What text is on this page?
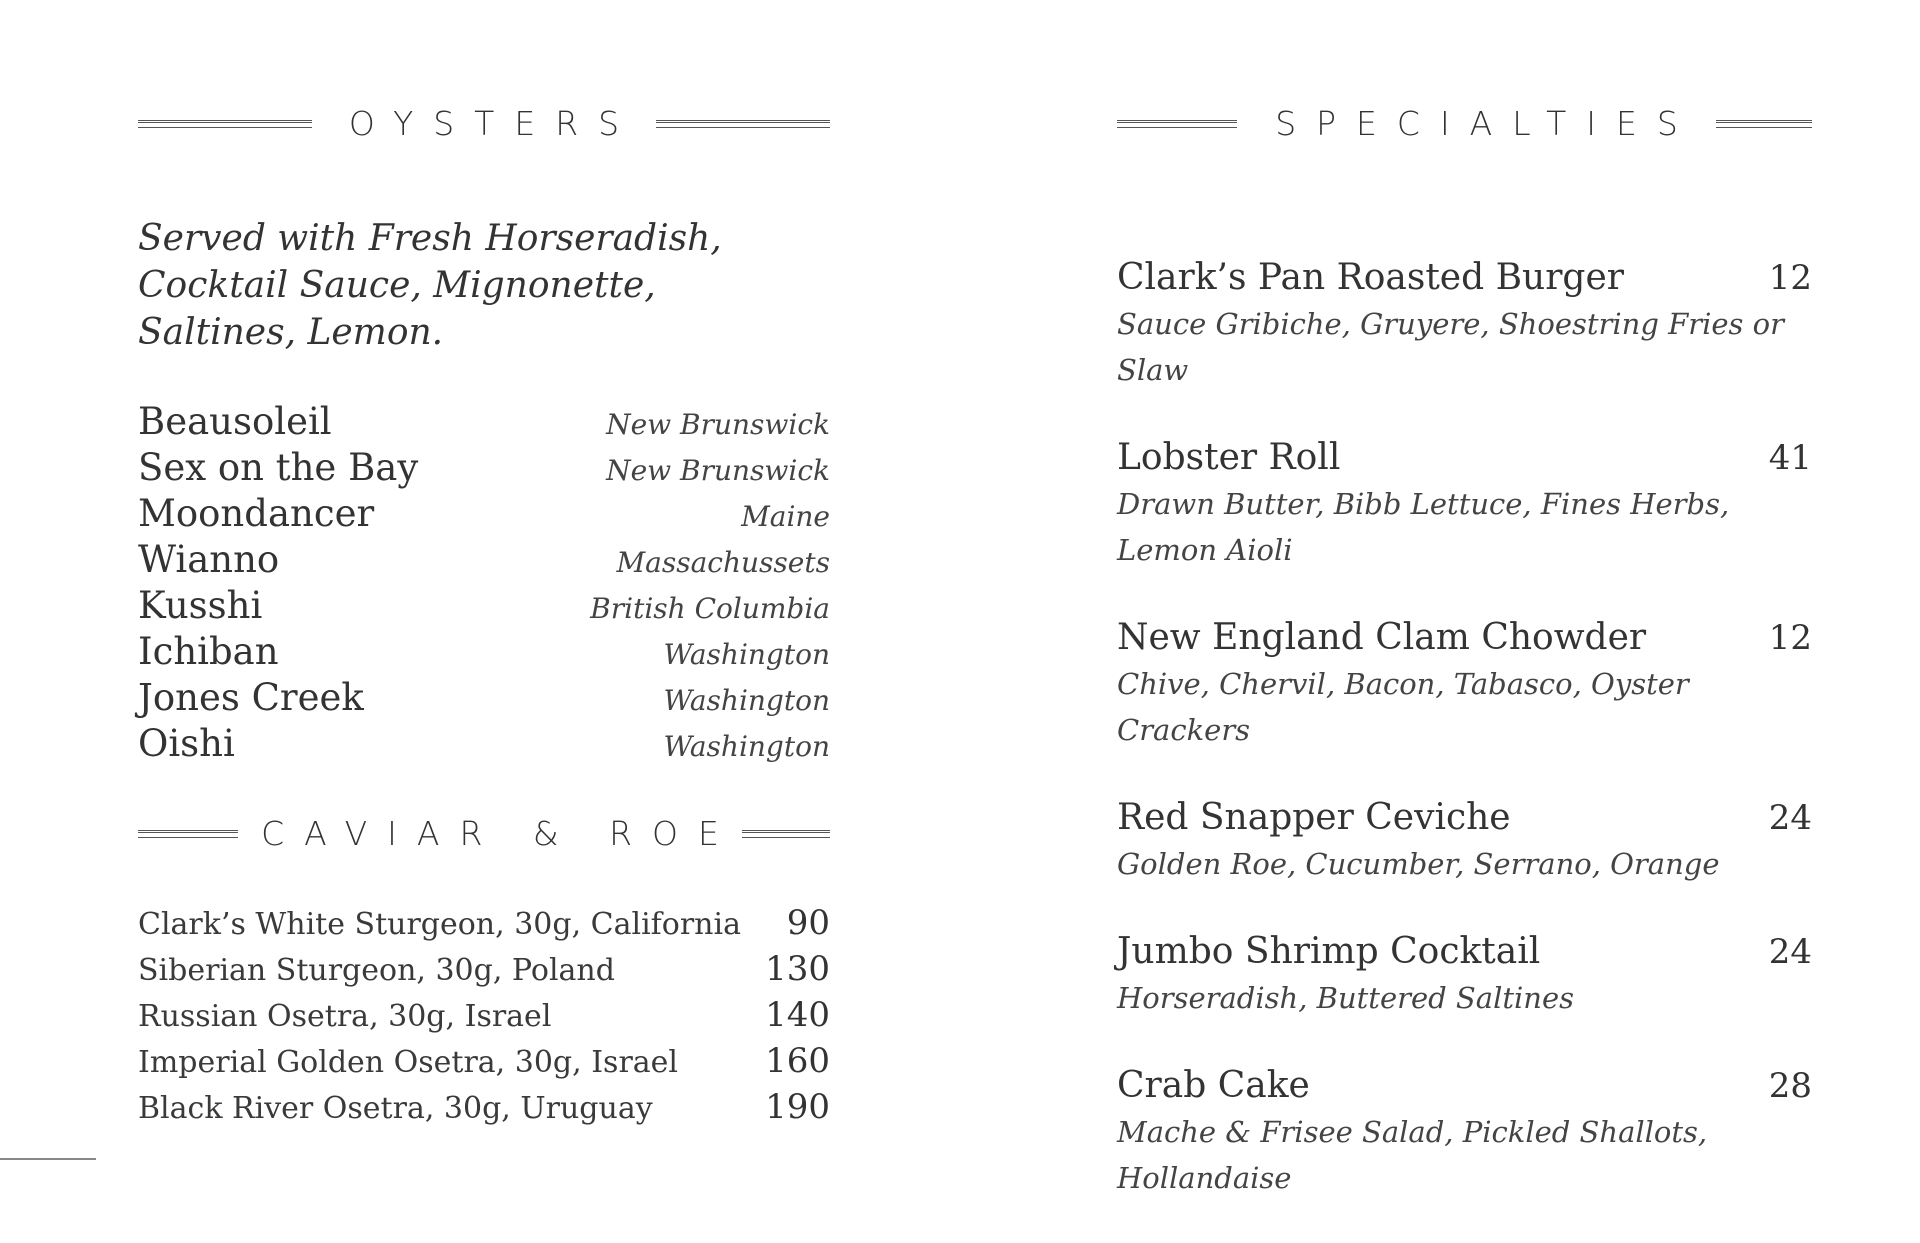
OYSTERS
Served with Fresh Horseradish, Cocktail Sauce, Mignonette, Saltines, Lemon.
Beausoleil	New Brunswick
Sex on the Bay	New Brunswick
Moondancer	Maine
Wianno	Massachussets
Kusshi	British Columbia
Ichiban	Washington
Jones Creek	Washington
Oishi	Washington
CAVIAR & ROE
Clark’s White Sturgeon, 30g, California 90
Siberian Sturgeon, 30g, Poland	130
Russian Osetra, 30g, Israel	140
Imperial Golden Osetra, 30g, Israel	160
Black River Osetra, 30g, Uruguay	190
SPECIALTIES
Clark’s Pan Roasted Burger	12
Sauce Gribiche, Gruyere, Shoestring Fries or Slaw
Lobster Roll	41
Drawn Butter, Bibb Lettuce, Fines Herbs, Lemon Aioli
New England Clam Chowder	12
Chive, Chervil, Bacon, Tabasco, Oyster Crackers
Red Snapper Ceviche	24
Golden Roe, Cucumber, Serrano, Orange
Jumbo Shrimp Cocktail	24
Horseradish, Buttered Saltines
Crab Cake	28
Mache & Frisee Salad, Pickled Shallots, Hollandaise
